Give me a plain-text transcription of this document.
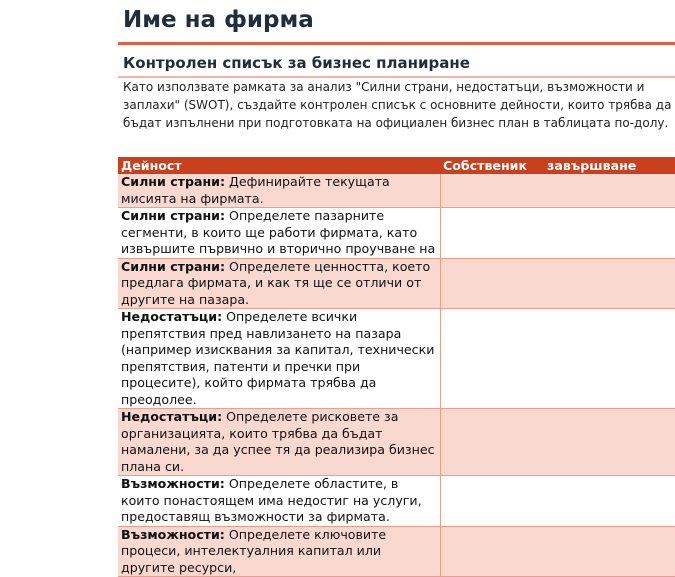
Име на фирма
Контролен списък за бизнес планиране
Като използвате рамката за анализ "Силни страни, недостатъци, възможности и заплахи" (SWOT), създайте контролен списък с основните дейности, които трябва да бъдат изпълнени при подготовката на официален бизнес план в таблицата по-долу.
Дейност	Собственик	завършване
Силни страни: Дефинирайте текущата мисията на фирмата.		

Силни страни: Определете пазарните сегменти, в които ще работи фирмата, като извършите първично и вторично проучване на		

Силни страни: Определете ценността, което предлага фирмата, и как тя ще се отличи от другите на пазара.		
Недостатъци: Определете всички препятствия пред навлизането на пазара (например изисквания за капитал, технически препятствия, патенти и пречки при процесите), който фирмата трябва да преодолее.		
Недостатъци: Определете рисковете за организацията, които трябва да бъдат намалени, за да успее тя да реализира бизнес плана си.		
Възможности: Определете областите, в които понастоящем има недостиг на услуги, предоставящ възможности за фирмата.		
Възможности: Определете ключовите процеси, интелектуалния капитал или другите ресурси,		
